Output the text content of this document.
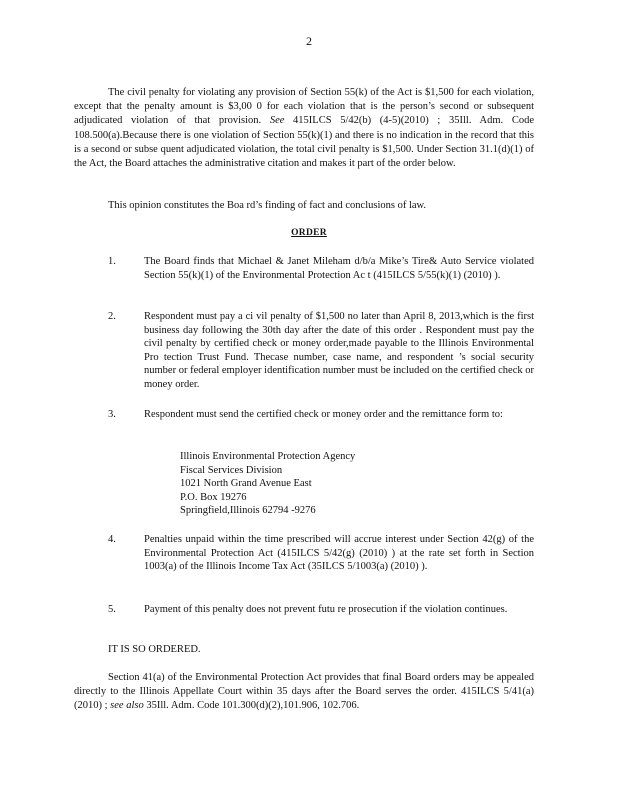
2

The civil penalty for violating any provision of Section 55(k) of the Act is $1,500 for each violation, except that the penalty amount is $3,00 0 for each violation that is the person’s second or subsequent adjudicated violation of that provision. See 415ILCS 5/42(b) (4-5)(2010) ; 35Ill. Adm. Code 108.500(a).Because there is one violation of Section 55(k)(1) and there is no indication in the record that this is a second or subse quent adjudicated violation, the total civil penalty is $1,500. Under Section 31.1(d)(1) of the Act, the Board attaches the administrative citation and makes it part of the order below.

This opinion constitutes the Boa rd’s finding of fact and conclusions of law.

ORDER
1.	The Board finds that Michael & Janet Mileham d/b/a Mike’s Tire& Auto Service violated Section 55(k)(1) of the Environmental Protection Ac t (415ILCS 5/55(k)(1) (2010) ).
2.	Respondent must pay a ci vil penalty of $1,500 no later than April 8, 2013,which is the first business day following the 30th day after the date of this order . Respondent must pay the civil penalty by certified check or money order,made payable to the Illinois Environmental Pro tection Trust Fund. Thecase number, case name, and respondent ’s social security number or federal employer identification number must be included on the certified check or money order.
3.	Respondent must send the certified check or money order and the remittance form to:
Illinois Environmental Protection Agency
Fiscal Services Division
1021 North Grand Avenue East
P.O. Box 19276
Springfield,Illinois 62794 -9276
4.	Penalties unpaid within the time prescribed will accrue interest under Section 42(g) of the Environmental Protection Act (415ILCS 5/42(g) (2010) ) at the rate set forth in Section 1003(a) of the Illinois Income Tax Act (35ILCS 5/1003(a) (2010) ).
5.	Payment of this penalty does not prevent futu re prosecution if the violation continues.

IT IS SO ORDERED.

Section 41(a) of the Environmental Protection Act provides that final Board orders may be appealed directly to the Illinois Appellate Court within 35 days after the Board serves the order. 415ILCS 5/41(a) (2010) ; see also 35Ill. Adm. Code 101.300(d)(2),101.906, 102.706.
